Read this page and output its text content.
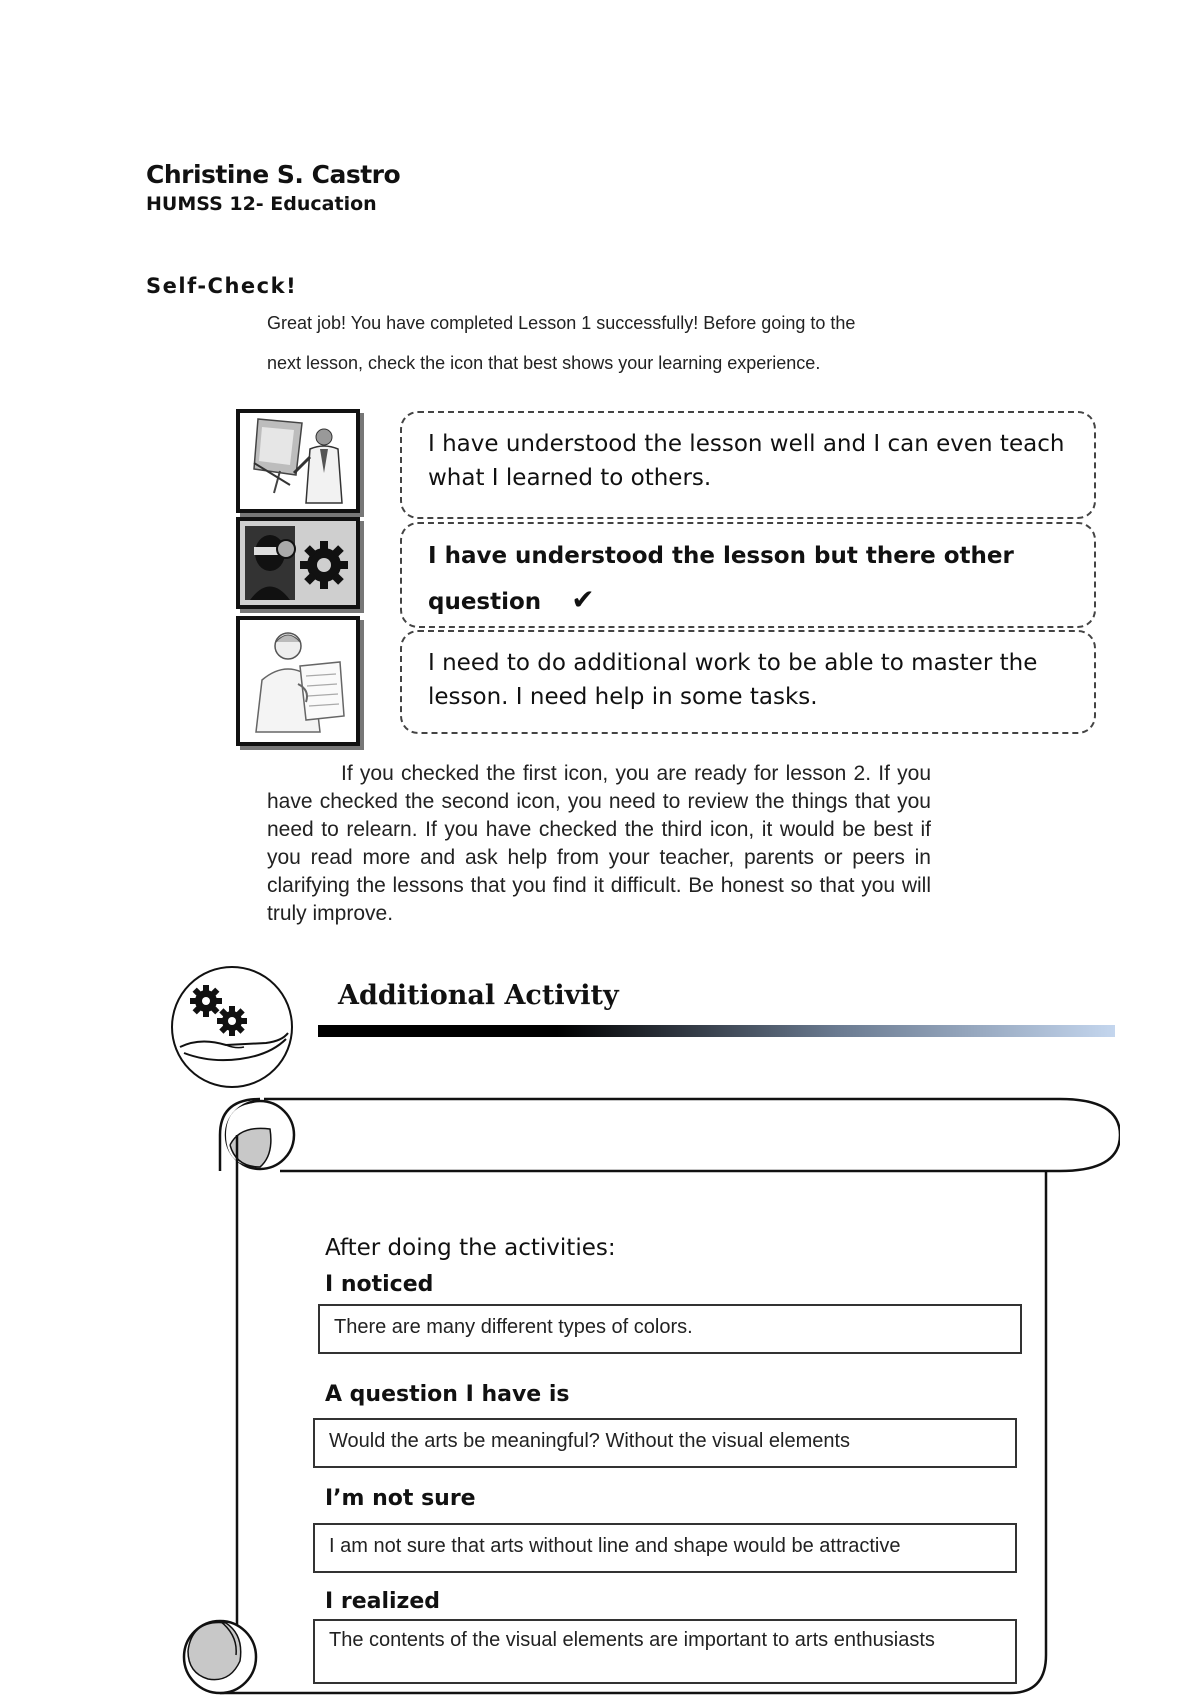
Christine S. Castro
HUMSS 12- Education
Self-Check!
Great job! You have completed Lesson 1 successfully! Before going to the
next lesson, check the icon that best shows your learning experience.
I have understood the lesson well and I can even teach what I learned to others.
I have understood the lesson but there other question ✔
I need to do additional work to be able to master the lesson. I need help in some tasks.
If you checked the first icon, you are ready for lesson 2. If you have checked the second icon, you need to review the things that you need to relearn. If you have checked the third icon, it would be best if you read more and ask help from your teacher, parents or peers in clarifying the lessons that you find it difficult. Be honest so that you will truly improve.
Additional Activity
After doing the activities:
I noticed
There are many different types of colors.
A question I have is
Would the arts be meaningful? Without the visual elements
I’m not sure
I am not sure that arts without line and shape would be attractive
I realized
The contents of the visual elements are important to arts enthusiasts
